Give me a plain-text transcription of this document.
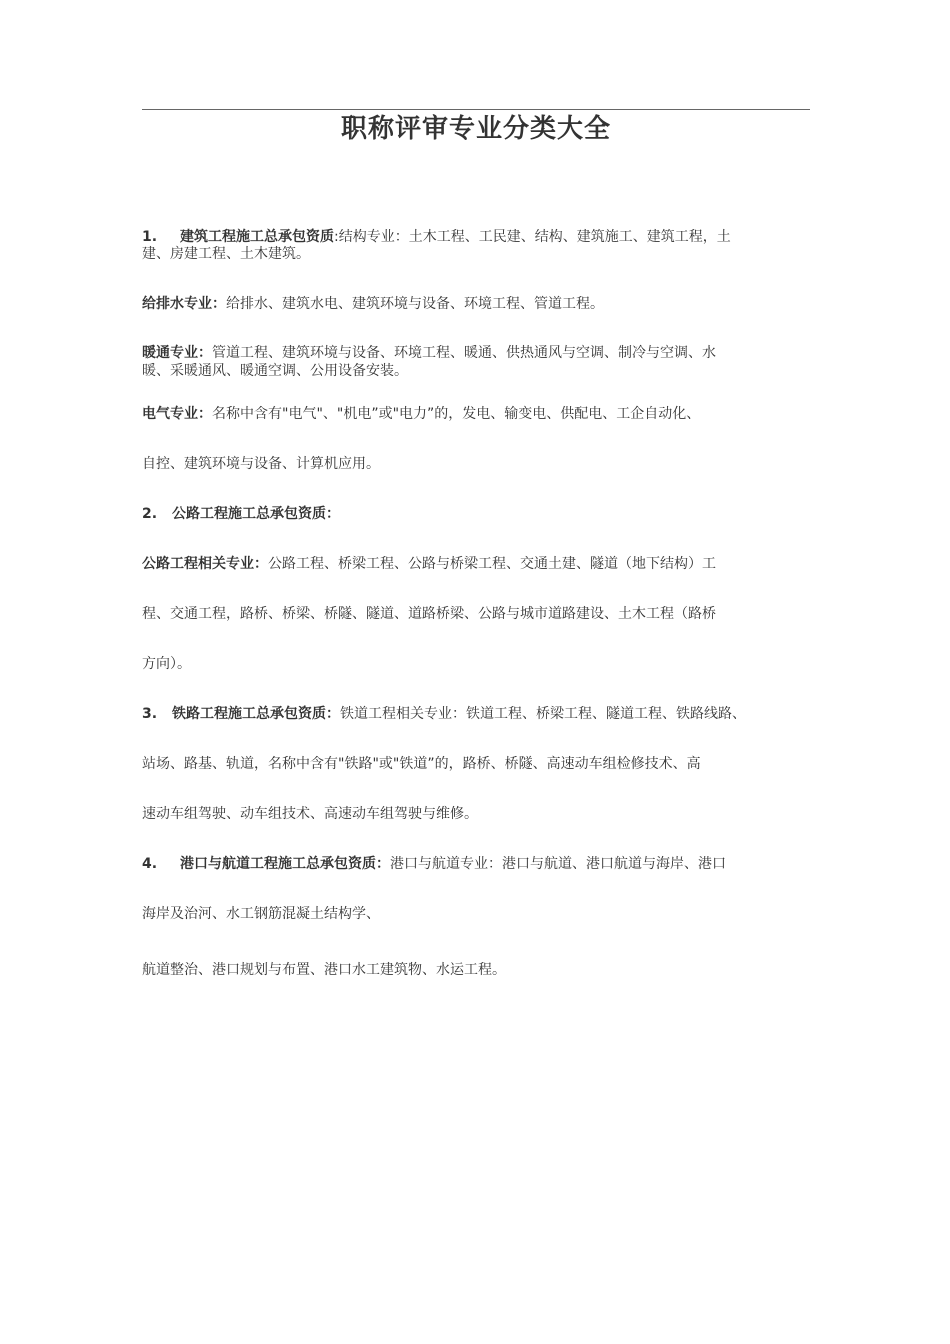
职称评审专业分类大全
1. 建筑工程施工总承包资质:结构专业：土木工程、工民建、结构、建筑施工、建筑工程，土
建、房建工程、土木建筑。
给排水专业：给排水、建筑水电、建筑环境与设备、环境工程、管道工程。
暖通专业：管道工程、建筑环境与设备、环境工程、暖通、供热通风与空调、制冷与空调、水
暖、采暖通风、暖通空调、公用设备安装。
电气专业：名称中含有"电气"、"机电”或"电力”的，发电、输变电、供配电、工企自动化、
自控、建筑环境与设备、计算机应用。
2. 公路工程施工总承包资质：
公路工程相关专业：公路工程、桥梁工程、公路与桥梁工程、交通土建、隧道（地下结构）工
程、交通工程，路桥、桥梁、桥隧、隧道、道路桥梁、公路与城市道路建设、土木工程（路桥
方向）。
3. 铁路工程施工总承包资质：铁道工程相关专业：铁道工程、桥梁工程、隧道工程、铁路线路、
站场、路基、轨道，名称中含有"铁路"或"铁道”的，路桥、桥隧、高速动车组检修技术、高
速动车组驾驶、动车组技术、高速动车组驾驶与维修。
4. 港口与航道工程施工总承包资质：港口与航道专业：港口与航道、港口航道与海岸、港口
海岸及治河、水工钢筋混凝土结构学、
航道整治、港口规划与布置、港口水工建筑物、水运工程。
